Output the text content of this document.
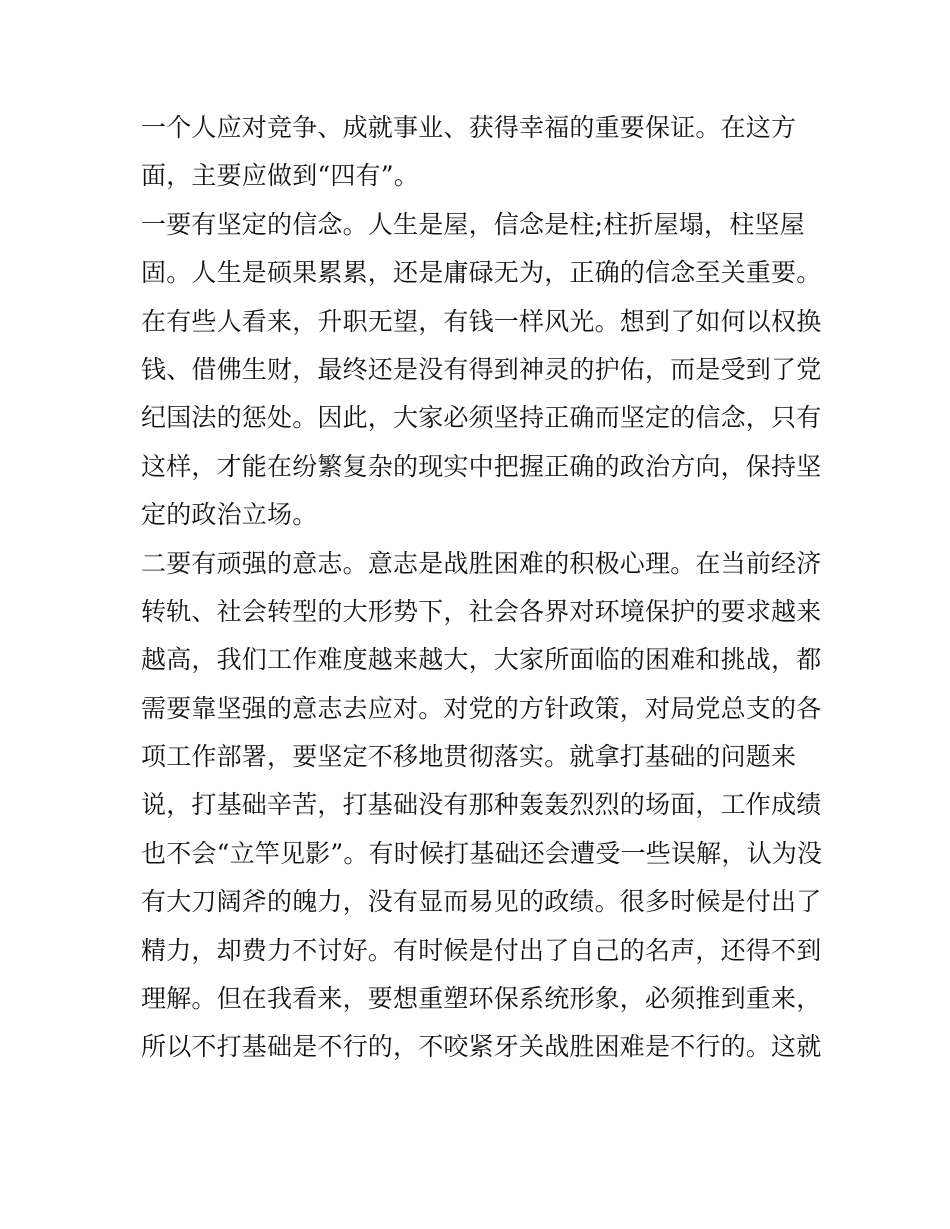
一个人应对竞争、成就事业、获得幸福的重要保证。在这方
面，主要应做到“四有”。
一要有坚定的信念。人生是屋，信念是柱;柱折屋塌，柱坚屋
固。人生是硕果累累，还是庸碌无为，正确的信念至关重要。
在有些人看来，升职无望，有钱一样风光。想到了如何以权换
钱、借佛生财，最终还是没有得到神灵的护佑，而是受到了党
纪国法的惩处。因此，大家必须坚持正确而坚定的信念，只有
这样，才能在纷繁复杂的现实中把握正确的政治方向，保持坚
定的政治立场。
二要有顽强的意志。意志是战胜困难的积极心理。在当前经济
转轨、社会转型的大形势下，社会各界对环境保护的要求越来
越高，我们工作难度越来越大，大家所面临的困难和挑战，都
需要靠坚强的意志去应对。对党的方针政策，对局党总支的各
项工作部署，要坚定不移地贯彻落实。就拿打基础的问题来
说，打基础辛苦，打基础没有那种轰轰烈烈的场面，工作成绩
也不会“立竿见影”。有时候打基础还会遭受一些误解，认为没
有大刀阔斧的魄力，没有显而易见的政绩。很多时候是付出了
精力，却费力不讨好。有时候是付出了自己的名声，还得不到
理解。但在我看来，要想重塑环保系统形象，必须推到重来，
所以不打基础是不行的，不咬紧牙关战胜困难是不行的。这就
